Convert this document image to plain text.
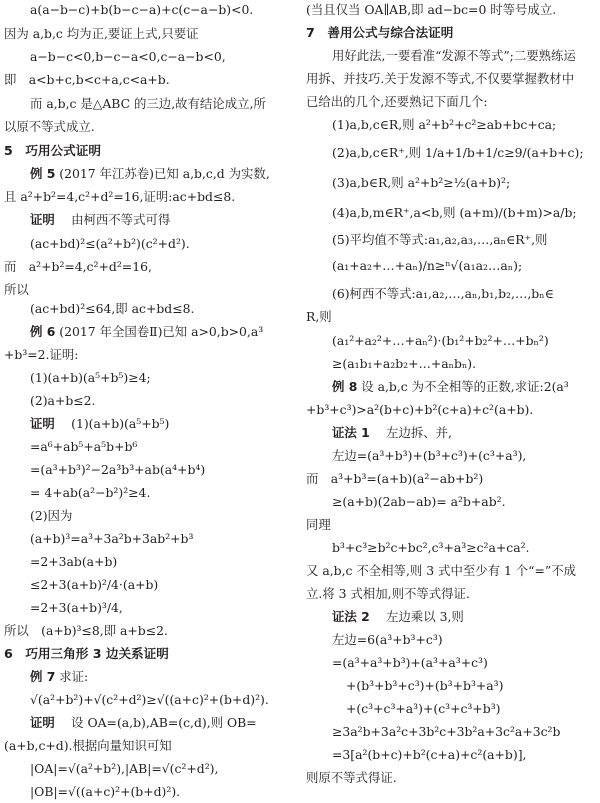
a(a−b−c)+b(b−c−a)+c(c−a−b)<0.
因为 a,b,c 均为正,要证上式,只要证
a−b−c<0,b−c−a<0,c−a−b<0,
即　a<b+c,b<c+a,c<a+b.
而 a,b,c 是△ABC 的三边,故有结论成立,所
以原不等式成立.
5　巧用公式证明
例 5 (2017 年江苏卷)已知 a,b,c,d 为实数,
且 a²+b²=4,c²+d²=16,证明:ac+bd≤8.
证明　 由柯西不等式可得
(ac+bd)²≤(a²+b²)(c²+d²).
而　a²+b²=4,c²+d²=16,
所以
(ac+bd)²≤64,即 ac+bd≤8.
例 6 (2017 年全国卷Ⅱ)已知 a>0,b>0,a³
+b³=2.证明:
(1)(a+b)(a⁵+b⁵)≥4;
(2)a+b≤2.
证明　 (1)(a+b)(a⁵+b⁵)
=a⁶+ab⁵+a⁵b+b⁶
=(a³+b³)²−2a³b³+ab(a⁴+b⁴)
= 4+ab(a²−b²)²≥4.
(2)因为
(a+b)³=a³+3a²b+3ab²+b³
=2+3ab(a+b)
≤2+3(a+b)²/4·(a+b)
=2+3(a+b)³/4,
所以　(a+b)³≤8,即 a+b≤2.
6　巧用三角形 3 边关系证明
例 7 求证:
√(a²+b²)+√(c²+d²)≥√((a+c)²+(b+d)²).
证明　 设 OA=(a,b),AB=(c,d),则 OB=
(a+b,c+d).根据向量知识可知
|OA|=√(a²+b²),|AB|=√(c²+d²),
|OB|=√((a+c)²+(b+d)²).
(当且仅当 OA∥AB,即 ad−bc=0 时等号成立.
7　善用公式与综合法证明
用好此法,一要看准“发源不等式”;二要熟练运
用拆、并技巧.关于发源不等式,不仅要掌握教材中
已给出的几个,还要熟记下面几个:
(1)a,b,c∈R,则 a²+b²+c²≥ab+bc+ca;
(2)a,b,c∈R⁺,则 1/a+1/b+1/c≥9/(a+b+c);
(3)a,b∈R,则 a²+b²≥½(a+b)²;
(4)a,b,m∈R⁺,a<b,则 (a+m)/(b+m)>a/b;
(5)平均值不等式:a₁,a₂,a₃,…,aₙ∈R⁺,则
(a₁+a₂+…+aₙ)/n≥ⁿ√(a₁a₂…aₙ);
(6)柯西不等式:a₁,a₂,…,aₙ,b₁,b₂,…,bₙ∈
R,则
(a₁²+a₂²+…+aₙ²)·(b₁²+b₂²+…+bₙ²)
≥(a₁b₁+a₂b₂+…+aₙbₙ).
例 8 设 a,b,c 为不全相等的正数,求证:2(a³
+b³+c³)>a²(b+c)+b²(c+a)+c²(a+b).
证法 1　 左边拆、并,
左边=(a³+b³)+(b³+c³)+(c³+a³),
而　a³+b³=(a+b)(a²−ab+b²)
≥(a+b)(2ab−ab)= a²b+ab².
同理
b³+c³≥b²c+bc²,c³+a³≥c²a+ca².
又 a,b,c 不全相等,则 3 式中至少有 1 个“=”不成
立.将 3 式相加,则不等式得证.
证法 2　 左边乘以 3,则
左边=6(a³+b³+c³)
=(a³+a³+b³)+(a³+a³+c³)
+(b³+b³+c³)+(b³+b³+a³)
+(c³+c³+a³)+(c³+c³+b³)
≥3a²b+3a²c+3b²c+3b²a+3c²a+3c²b
=3[a²(b+c)+b²(c+a)+c²(a+b)],
则原不等式得证.
